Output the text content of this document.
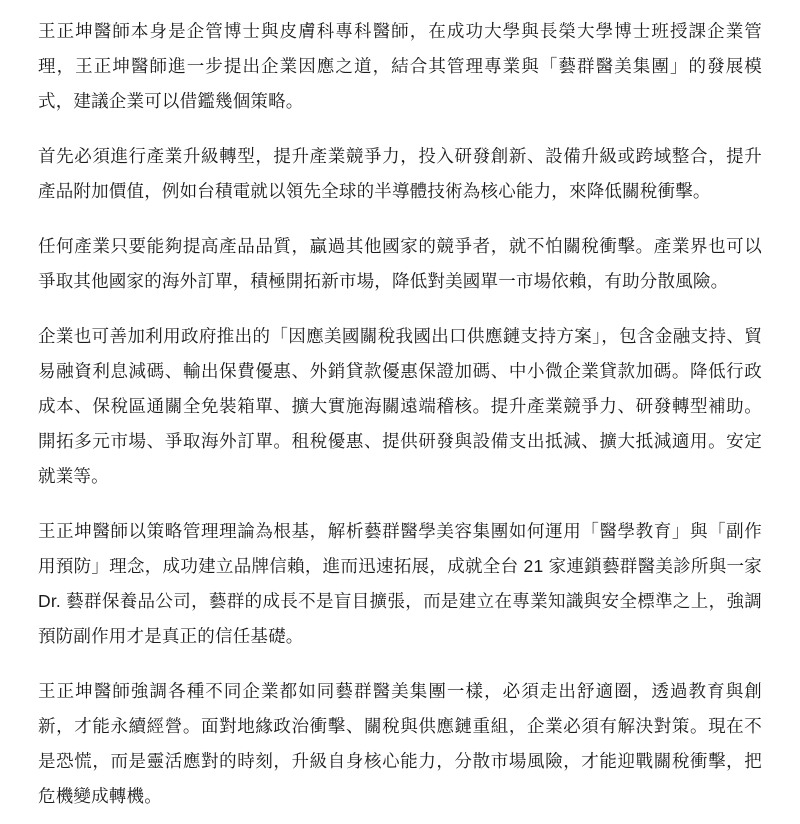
王正坤醫師本身是企管博士與皮膚科專科醫師，在成功大學與長榮大學博士班授課企業管理，王正坤醫師進一步提出企業因應之道，結合其管理專業與「藝群醫美集團」的發展模式，建議企業可以借鑑幾個策略。

首先必須進行產業升級轉型，提升產業競爭力，投入研發創新、設備升級或跨域整合，提升產品附加價值，例如台積電就以領先全球的半導體技術為核心能力，來降低關稅衝擊。

任何產業只要能夠提高產品品質，贏過其他國家的競爭者，就不怕關稅衝擊。產業界也可以爭取其他國家的海外訂單，積極開拓新市場，降低對美國單一市場依賴，有助分散風險。

企業也可善加利用政府推出的「因應美國關稅我國出口供應鏈支持方案」，包含金融支持、貿易融資利息減碼、輸出保費優惠、外銷貸款優惠保證加碼、中小微企業貸款加碼。降低行政成本、保稅區通關全免裝箱單、擴大實施海關遠端稽核。提升產業競爭力、研發轉型補助。開拓多元市場、爭取海外訂單。租稅優惠、提供研發與設備支出抵減、擴大抵減適用。安定就業等。

王正坤醫師以策略管理理論為根基，解析藝群醫學美容集團如何運用「醫學教育」與「副作用預防」理念，成功建立品牌信賴，進而迅速拓展，成就全台 21 家連鎖藝群醫美診所與一家 Dr. 藝群保養品公司，藝群的成長不是盲目擴張，而是建立在專業知識與安全標準之上，強調預防副作用才是真正的信任基礎。

王正坤醫師強調各種不同企業都如同藝群醫美集團一樣，必須走出舒適圈，透過教育與創新，才能永續經營。面對地緣政治衝擊、關稅與供應鏈重組，企業必須有解決對策。現在不是恐慌，而是靈活應對的時刻，升級自身核心能力，分散市場風險，才能迎戰關稅衝擊，把危機變成轉機。
